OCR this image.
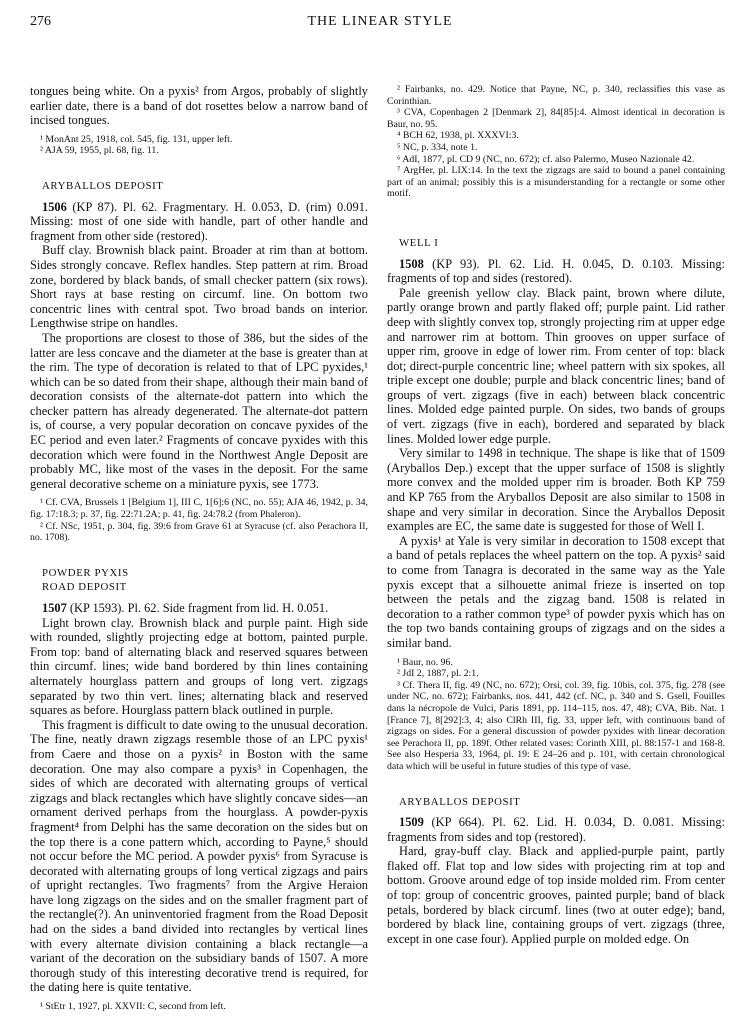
276	THE LINEAR STYLE

tongues being white. On a pyxis² from Argos, probably of slightly earlier date, there is a band of dot rosettes below a narrow band of incised tongues.

¹ MonAnt 25, 1918, col. 545, fig. 131, upper left.

² AJA 59, 1955, pl. 68, fig. 11.

ARYBALLOS DEPOSIT

1506 (KP 87). Pl. 62. Fragmentary. H. 0.053, D. (rim) 0.091. Missing: most of one side with handle, part of other handle and fragment from other side (restored).

Buff clay. Brownish black paint. Broader at rim than at bottom. Sides strongly concave. Reflex handles. Step pattern at rim. Broad zone, bordered by black bands, of small checker pattern (six rows). Short rays at base resting on circumf. line. On bottom two concentric lines with central spot. Two broad bands on interior. Lengthwise stripe on handles.

The proportions are closest to those of 386, but the sides of the latter are less concave and the diameter at the base is greater than at the rim. The type of decoration is related to that of LPC pyxides,¹ which can be so dated from their shape, although their main band of decoration consists of the alternate-dot pattern into which the checker pattern has already degenerated. The alternate-dot pattern is, of course, a very popular decoration on concave pyxides of the EC period and even later.² Fragments of concave pyxides with this decoration which were found in the Northwest Angle Deposit are probably MC, like most of the vases in the deposit. For the same general decorative scheme on a miniature pyxis, see 1773.

¹ Cf. CVA, Brussels 1 [Belgium 1], III C, 1[6]:6 (NC, no. 55); AJA 46, 1942, p. 34, fig. 17:18.3; p. 37, fig. 22:71.2A; p. 41, fig. 24:78.2 (from Phaleron).

² Cf. NSc, 1951, p. 304, fig. 39:6 from Grave 61 at Syracuse (cf. also Perachora II, no. 1708).

POWDER PYXIS

ROAD DEPOSIT

1507 (KP 1593). Pl. 62. Side fragment from lid. H. 0.051.

Light brown clay. Brownish black and purple paint. High side with rounded, slightly projecting edge at bottom, painted purple. From top: band of alternating black and reserved squares between thin circumf. lines; wide band bordered by thin lines containing alternately hourglass pattern and groups of long vert. zigzags separated by two thin vert. lines; alternating black and reserved squares as before. Hourglass pattern black outlined in purple.

This fragment is difficult to date owing to the unusual decoration. The fine, neatly drawn zigzags resemble those of an LPC pyxis¹ from Caere and those on a pyxis² in Boston with the same decoration. One may also compare a pyxis³ in Copenhagen, the sides of which are decorated with alternating groups of vertical zigzags and black rectangles which have slightly concave sides—an ornament derived perhaps from the hourglass. A powder-pyxis fragment⁴ from Delphi has the same decoration on the sides but on the top there is a cone pattern which, according to Payne,⁵ should not occur before the MC period. A powder pyxis⁶ from Syracuse is decorated with alternating groups of long vertical zigzags and pairs of upright rectangles. Two fragments⁷ from the Argive Heraion have long zigzags on the sides and on the smaller fragment part of the rectangle(?). An uninventoried fragment from the Road Deposit had on the sides a band divided into rectangles by vertical lines with every alternate division containing a black rectangle—a variant of the decoration on the subsidiary bands of 1507. A more thorough study of this interesting decorative trend is required, for the dating here is quite tentative.

¹ StEtr 1, 1927, pl. XXVII: C, second from left.

² Fairbanks, no. 429. Notice that Payne, NC, p. 340, reclassifies this vase as Corinthian.

³ CVA, Copenhagen 2 [Denmark 2], 84[85]:4. Almost identical in decoration is Baur, no. 95.

⁴ BCH 62, 1938, pl. XXXVI:3.

⁵ NC, p. 334, note 1.

⁶ AdI, 1877, pl. CD 9 (NC, no. 672); cf. also Palermo, Museo Nazionale 42.

⁷ ArgHer, pl. LIX:14. In the text the zigzags are said to bound a panel containing part of an animal; possibly this is a misunderstanding for a rectangle or some other motif.

WELL I

1508 (KP 93). Pl. 62. Lid. H. 0.045, D. 0.103. Missing: fragments of top and sides (restored).

Pale greenish yellow clay. Black paint, brown where dilute, partly orange brown and partly flaked off; purple paint. Lid rather deep with slightly convex top, strongly projecting rim at upper edge and narrower rim at bottom. Thin grooves on upper surface of upper rim, groove in edge of lower rim. From center of top: black dot; direct-purple concentric line; wheel pattern with six spokes, all triple except one double; purple and black concentric lines; band of groups of vert. zigzags (five in each) between black concentric lines. Molded edge painted purple. On sides, two bands of groups of vert. zigzags (five in each), bordered and separated by black lines. Molded lower edge purple.

Very similar to 1498 in technique. The shape is like that of 1509 (Aryballos Dep.) except that the upper surface of 1508 is slightly more convex and the molded upper rim is broader. Both KP 759 and KP 765 from the Aryballos Deposit are also similar to 1508 in shape and very similar in decoration. Since the Aryballos Deposit examples are EC, the same date is suggested for those of Well I.

A pyxis¹ at Yale is very similar in decoration to 1508 except that a band of petals replaces the wheel pattern on the top. A pyxis² said to come from Tanagra is decorated in the same way as the Yale pyxis except that a silhouette animal frieze is inserted on top between the petals and the zigzag band. 1508 is related in decoration to a rather common type³ of powder pyxis which has on the top two bands containing groups of zigzags and on the sides a similar band.

¹ Baur, no. 96.

² JdI 2, 1887, pl. 2:1.

³ Cf. Thera II, fig. 49 (NC, no. 672); Orsi, col. 39, fig. 10bis, col. 375, fig. 278 (see under NC, no. 672); Fairbanks, nos. 441, 442 (cf. NC, p. 340 and S. Gsell, Fouilles dans la nécropole de Vulci, Paris 1891, pp. 114–115, nos. 47, 48); CVA, Bib. Nat. 1 [France 7], 8[292]:3, 4; also ClRh III, fig. 33, upper left, with continuous band of zigzags on sides. For a general discussion of powder pyxides with linear decoration see Perachora II, pp. 189f. Other related vases: Corinth XIII, pl. 88:157-1 and 168-8. See also Hesperia 33, 1964, pl. 19: E 24–26 and p. 101, with certain chronological data which will be useful in future studies of this type of vase.

ARYBALLOS DEPOSIT

1509 (KP 664). Pl. 62. Lid. H. 0.034, D. 0.081. Missing: fragments from sides and top (restored).

Hard, gray-buff clay. Black and applied-purple paint, partly flaked off. Flat top and low sides with projecting rim at top and bottom. Groove around edge of top inside molded rim. From center of top: group of concentric grooves, painted purple; band of black petals, bordered by black circumf. lines (two at outer edge); band, bordered by black line, containing groups of vert. zigzags (three, except in one case four). Applied purple on molded edge. On
